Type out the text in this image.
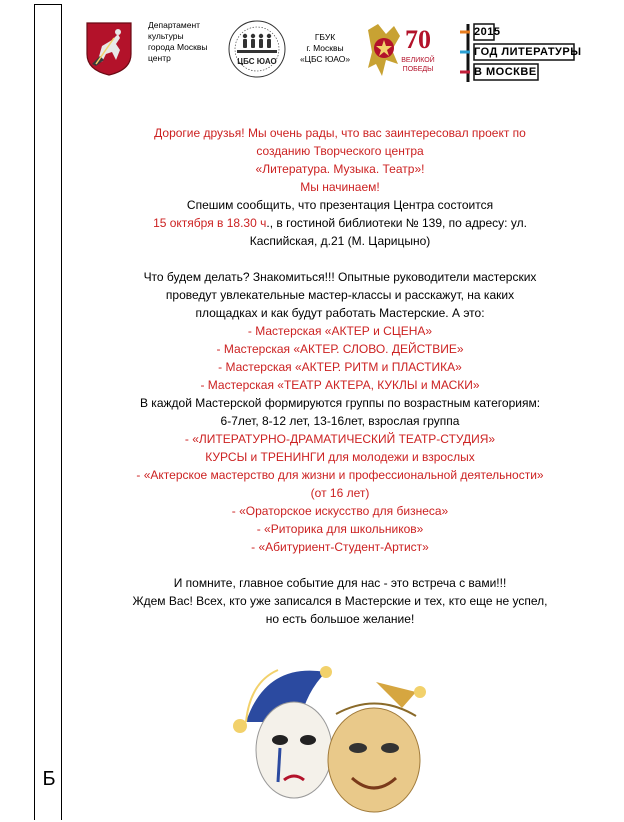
Б
Департамент
культуры
города Москвы
центр	ЦБС ЮАО
ГБУК
г. Москвы
«ЦБС ЮАО»
70
ВЕЛИКОЙ
ПОБЕДЫ
2015
ГОД ЛИТЕРАТУРЫ
В МОСКВЕ

Дорогие друзья! Мы очень рады, что вас заинтересовал проект по

созданию Творческого центра

«Литература. Музыка. Театр»!

Мы начинаем!

Спешим сообщить, что презентация Центра состоится

15 октября в 18.30 ч., в гостиной библиотеки № 139, по адресу: ул.

Каспийская, д.21 (М. Царицыно)

Что будем делать? Знакомиться!!! Опытные руководители мастерских

проведут увлекательные мастер-классы и расскажут, на каких

площадках и как будут работать Мастерские. А это:

- Мастерская «АКТЕР и СЦЕНА»

- Мастерская «АКТЕР. СЛОВО. ДЕЙСТВИЕ»

- Мастерская «АКТЕР. РИТМ и ПЛАСТИКА»

- Мастерская «ТЕАТР АКТЕРА, КУКЛЫ и МАСКИ»

В каждой Мастерской формируются группы по возрастным категориям:

6-7лет, 8-12 лет, 13-16лет, взрослая группа

- «ЛИТЕРАТУРНО-ДРАМАТИЧЕСКИЙ ТЕАТР-СТУДИЯ»

КУРСЫ и ТРЕНИНГИ для молодежи и взрослых

- «Актерское мастерство для жизни и профессиональной деятельности»

(от 16 лет)

- «Ораторское искусство для бизнеса»

- «Риторика для школьников»

- «Абитуриент-Студент-Артист»

И помните, главное событие для нас - это встреча с вами!!!

Ждем Вас! Всех, кто уже записался в Мастерские и тех, кто еще не успел,

но есть большое желание!
